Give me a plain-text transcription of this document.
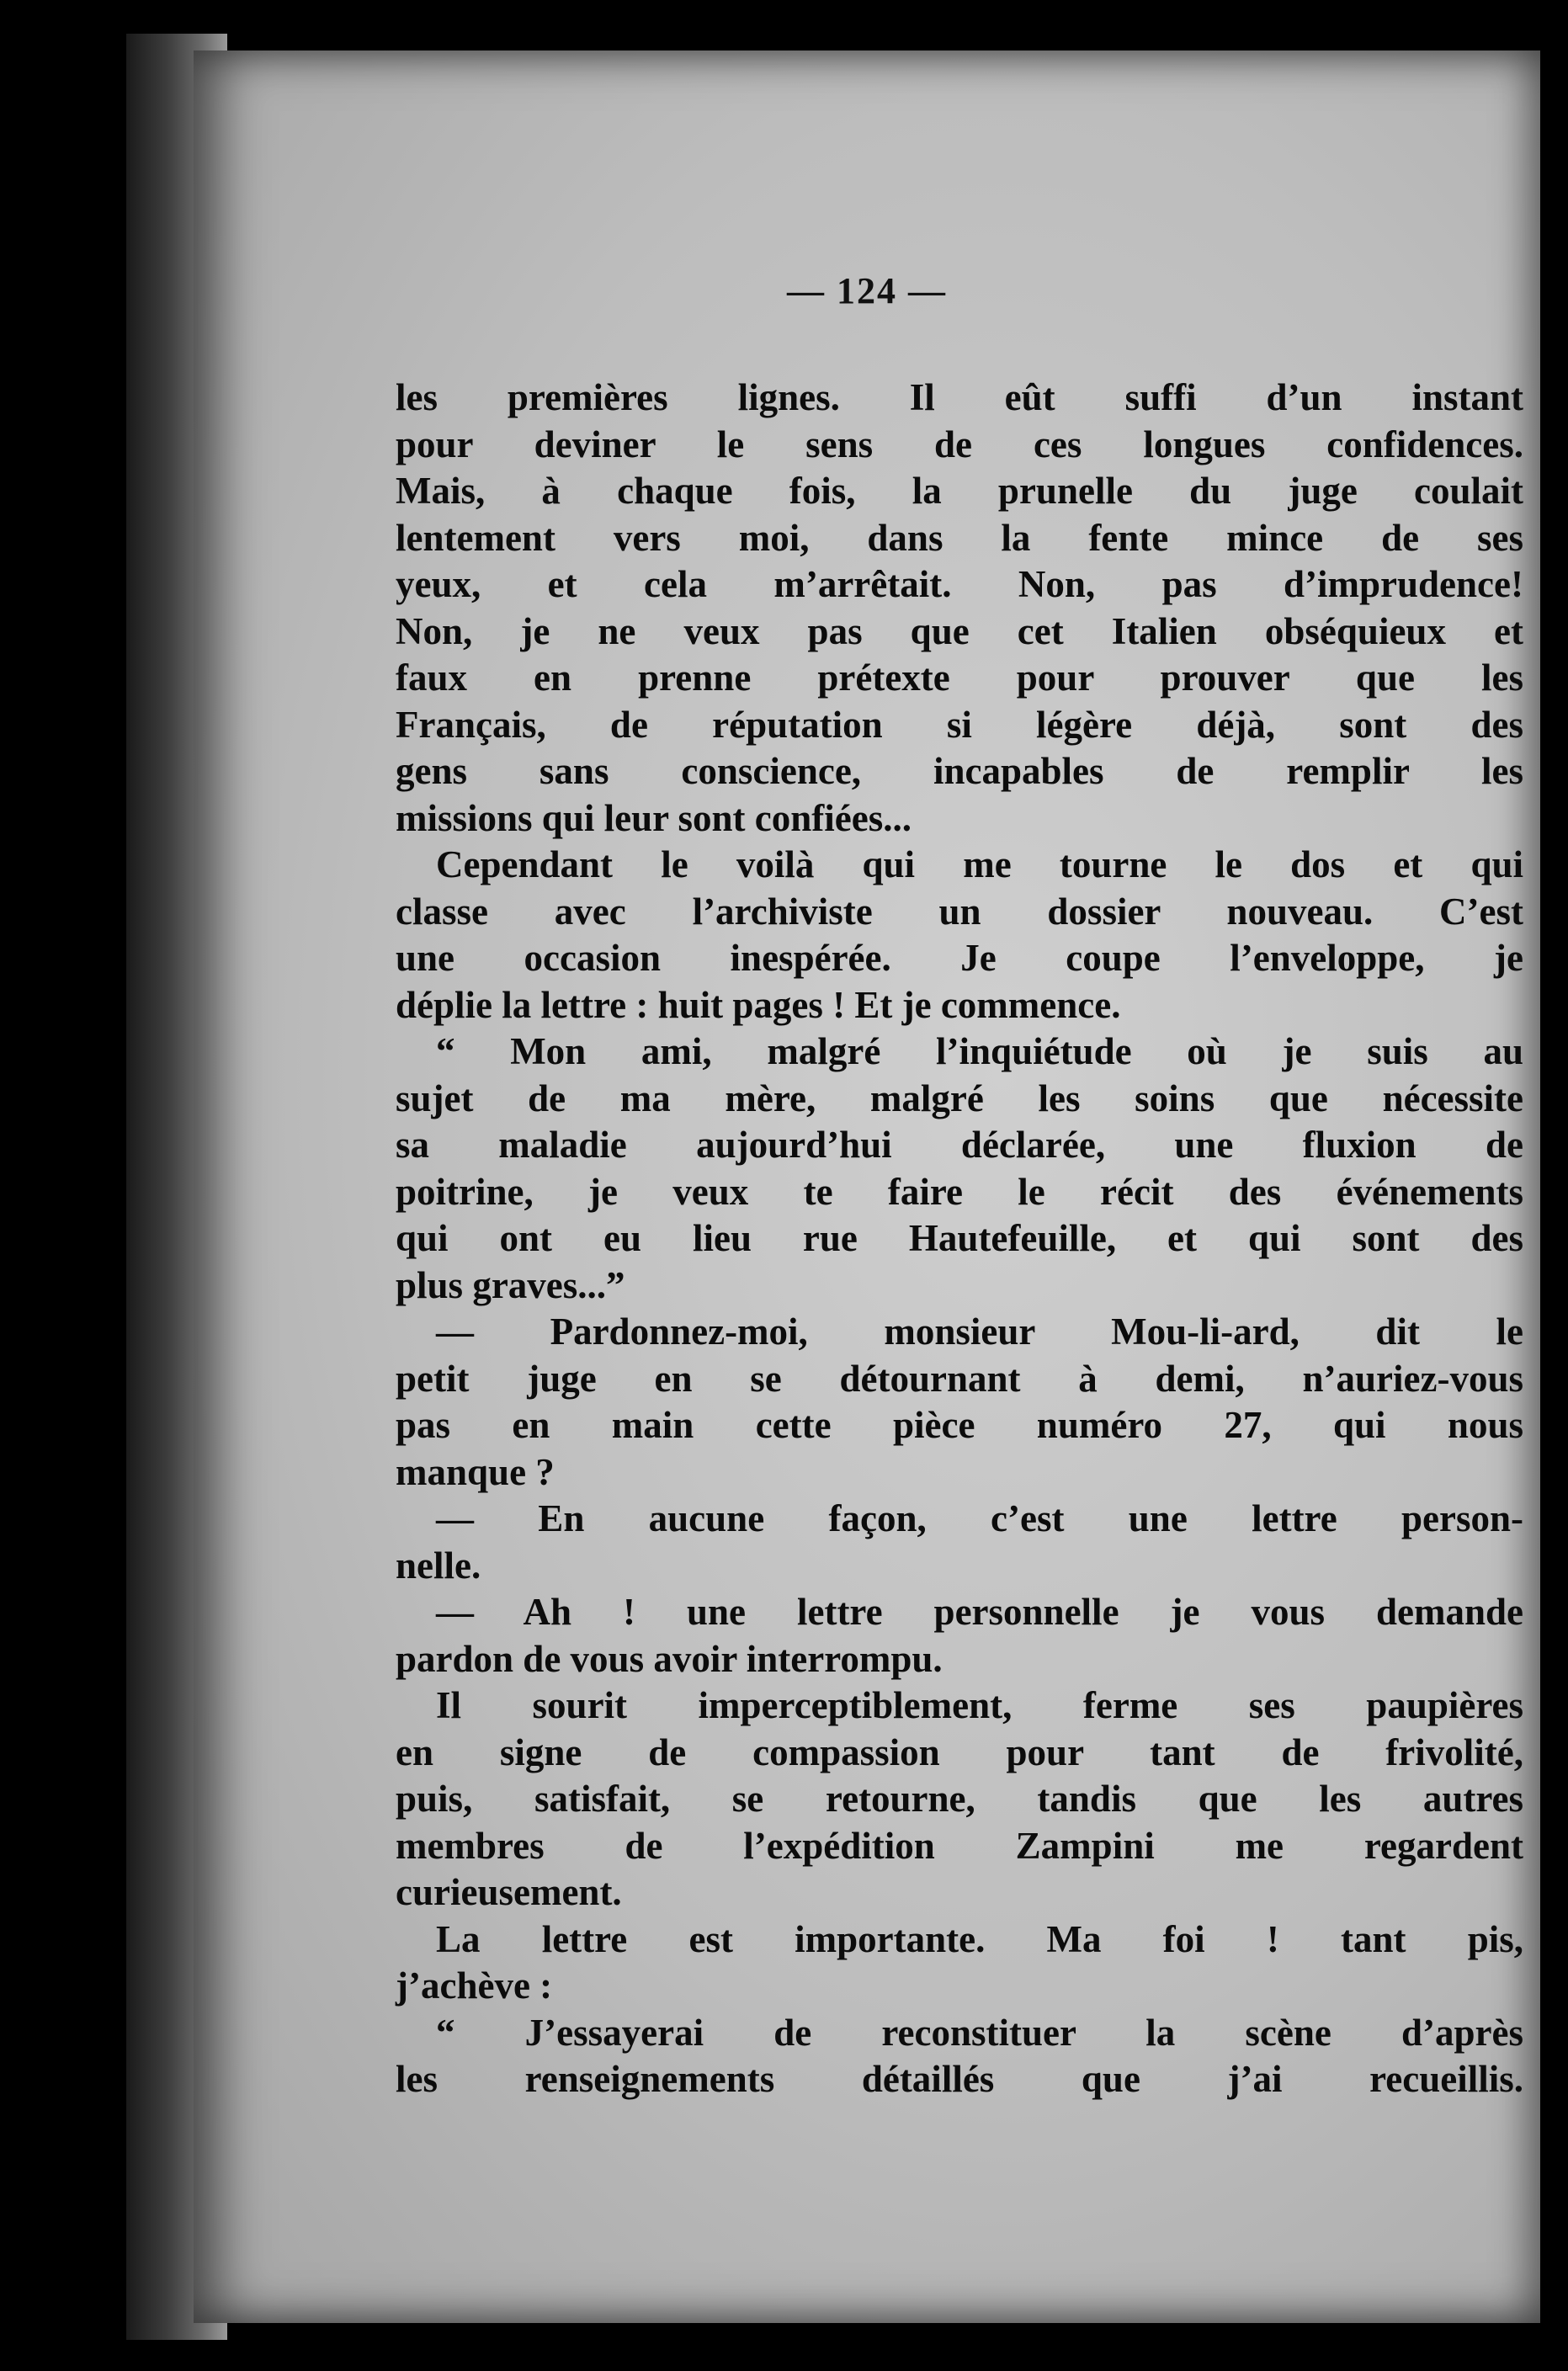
— 124 —
les premières lignes. Il eût suffi d’un instant
pour deviner le sens de ces longues confidences.
Mais, à chaque fois, la prunelle du juge coulait
lentement vers moi, dans la fente mince de ses
yeux, et cela m’arrêtait. Non, pas d’imprudence!
Non, je ne veux pas que cet Italien obséquieux et
faux en prenne prétexte pour prouver que les
Français, de réputation si légère déjà, sont des
gens sans conscience, incapables de remplir les
missions qui leur sont confiées...
Cependant le voilà qui me tourne le dos et qui
classe avec l’archiviste un dossier nouveau. C’est
une occasion inespérée. Je coupe l’enveloppe, je
déplie la lettre : huit pages ! Et je commence.
“ Mon ami, malgré l’inquiétude où je suis au
sujet de ma mère, malgré les soins que nécessite
sa maladie aujourd’hui déclarée, une fluxion de
poitrine, je veux te faire le récit des événements
qui ont eu lieu rue Hautefeuille, et qui sont des
plus graves...”
— Pardonnez-moi, monsieur Mou-li-ard, dit le
petit juge en se détournant à demi, n’auriez-vous
pas en main cette pièce numéro 27, qui nous
manque ?
— En aucune façon, c’est une lettre person-
nelle.
— Ah ! une lettre personnelle je vous demande
pardon de vous avoir interrompu.
Il sourit imperceptiblement, ferme ses paupières
en signe de compassion pour tant de frivolité,
puis, satisfait, se retourne, tandis que les autres
membres de l’expédition Zampini me regardent
curieusement.
La lettre est importante. Ma foi ! tant pis,
j’achève :
“ J’essayerai de reconstituer la scène d’après
les renseignements détaillés que j’ai recueillis.
